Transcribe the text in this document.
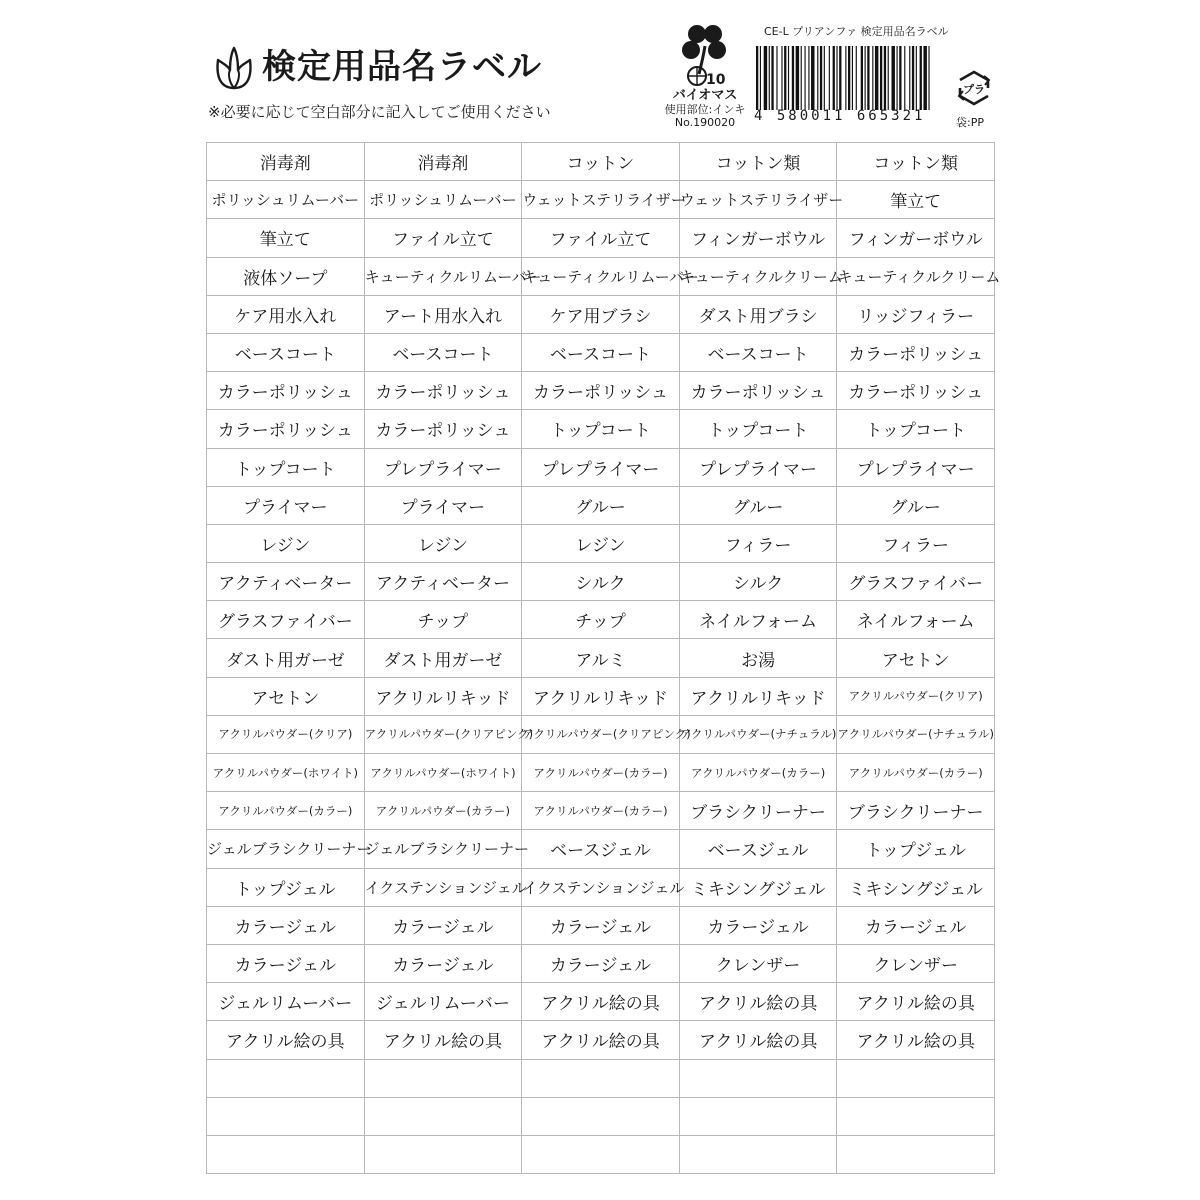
検定用品名ラベル
※必要に応じて空白部分に記入してご使用ください
10
バイオマス
使用部位:インキ
No.190020
CE-L プリアンファ 検定用品名ラベル
4 580011 665321
プラ
袋:PP
消毒剤	消毒剤	コットン	コットン類	コットン類
ポリッシュリムーバー	ポリッシュリムーバー	ウェットステリライザー	ウェットステリライザー	筆立て
筆立て	ファイル立て	ファイル立て	フィンガーボウル	フィンガーボウル
液体ソープ	キューティクルリムーバー	キューティクルリムーバー	キューティクルクリーム	キューティクルクリーム
ケア用水入れ	アート用水入れ	ケア用ブラシ	ダスト用ブラシ	リッジフィラー
ベースコート	ベースコート	ベースコート	ベースコート	カラーポリッシュ
カラーポリッシュ	カラーポリッシュ	カラーポリッシュ	カラーポリッシュ	カラーポリッシュ
カラーポリッシュ	カラーポリッシュ	トップコート	トップコート	トップコート
トップコート	プレプライマー	プレプライマー	プレプライマー	プレプライマー
プライマー	プライマー	グルー	グルー	グルー
レジン	レジン	レジン	フィラー	フィラー
アクティベーター	アクティベーター	シルク	シルク	グラスファイバー
グラスファイバー	チップ	チップ	ネイルフォーム	ネイルフォーム
ダスト用ガーゼ	ダスト用ガーゼ	アルミ	お湯	アセトン
アセトン	アクリルリキッド	アクリルリキッド	アクリルリキッド	アクリルパウダー(クリア)
アクリルパウダー(クリア)	アクリルパウダー(クリアピンク)	アクリルパウダー(クリアピンク)	アクリルパウダー(ナチュラル)	アクリルパウダー(ナチュラル)
アクリルパウダー(ホワイト)	アクリルパウダー(ホワイト)	アクリルパウダー(カラー)	アクリルパウダー(カラー)	アクリルパウダー(カラー)
アクリルパウダー(カラー)	アクリルパウダー(カラー)	アクリルパウダー(カラー)	ブラシクリーナー	ブラシクリーナー
ジェルブラシクリーナー	ジェルブラシクリーナー	ベースジェル	ベースジェル	トップジェル
トップジェル	イクステンションジェル	イクステンションジェル	ミキシングジェル	ミキシングジェル
カラージェル	カラージェル	カラージェル	カラージェル	カラージェル
カラージェル	カラージェル	カラージェル	クレンザー	クレンザー
ジェルリムーバー	ジェルリムーバー	アクリル絵の具	アクリル絵の具	アクリル絵の具
アクリル絵の具	アクリル絵の具	アクリル絵の具	アクリル絵の具	アクリル絵の具
